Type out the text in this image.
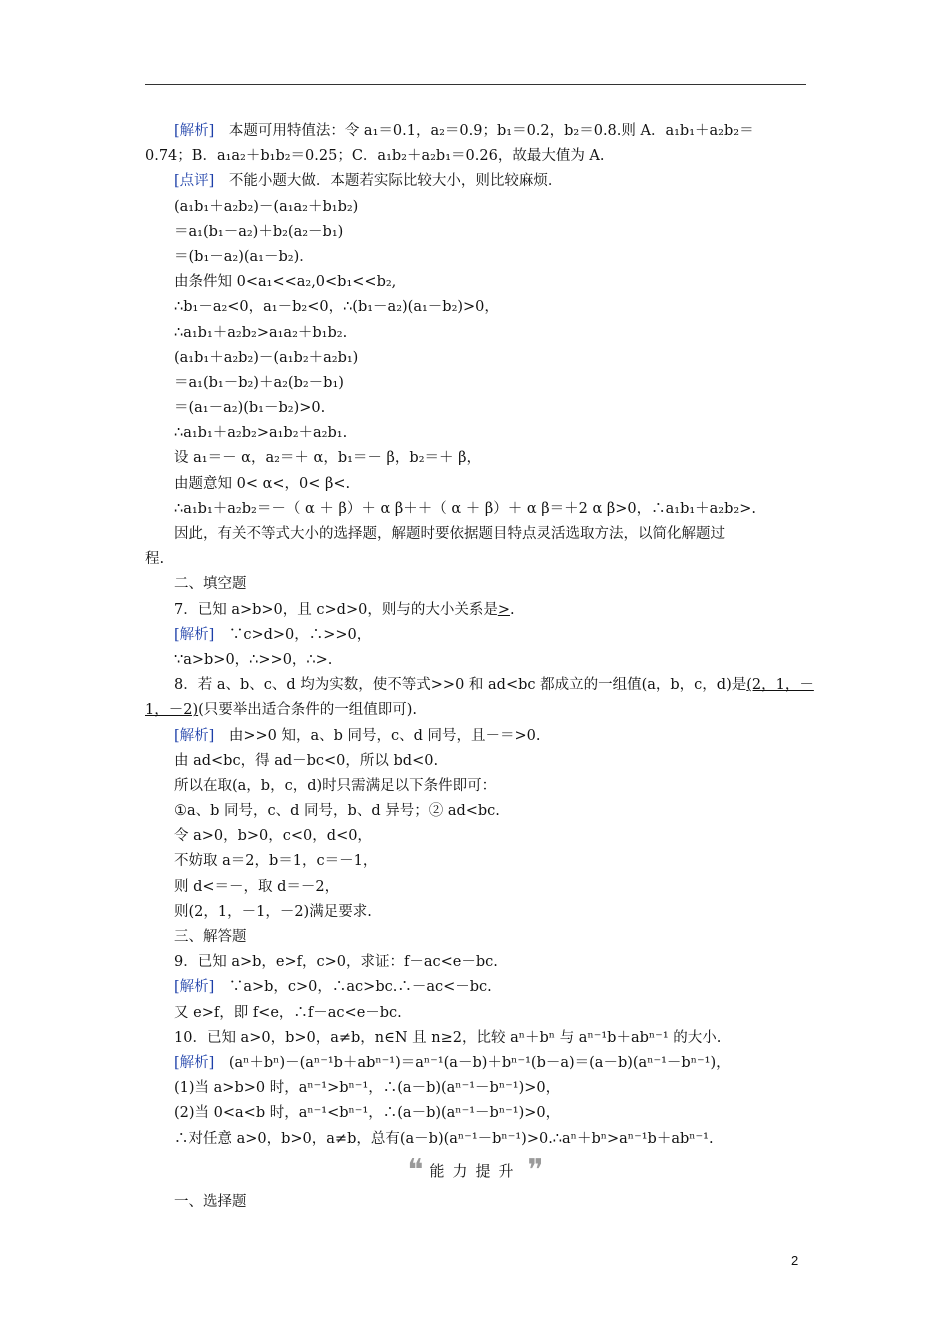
[解析]　本题可用特值法：令 a₁＝0.1，a₂＝0.9；b₁＝0.2，b₂＝0.8.则 A．a₁b₁＋a₂b₂＝
0.74；B．a₁a₂＋b₁b₂＝0.25；C．a₁b₂＋a₂b₁＝0.26，故最大值为 A.
[点评]　不能小题大做．本题若实际比较大小，则比较麻烦．
(a₁b₁＋a₂b₂)－(a₁a₂＋b₁b₂)
＝a₁(b₁－a₂)＋b₂(a₂－b₁)
＝(b₁－a₂)(a₁－b₂)．
由条件知 0<a₁<<a₂,0<b₁<<b₂,
∴b₁－a₂<0，a₁－b₂<0，∴(b₁－a₂)(a₁－b₂)>0，
∴a₁b₁＋a₂b₂>a₁a₂＋b₁b₂.
(a₁b₁＋a₂b₂)－(a₁b₂＋a₂b₁)
＝a₁(b₁－b₂)＋a₂(b₂－b₁)
＝(a₁－a₂)(b₁－b₂)>0.
∴a₁b₁＋a₂b₂>a₁b₂＋a₂b₁.
设 a₁＝－ α，a₂＝＋ α，b₁＝－ β，b₂＝＋ β，
由题意知 0< α<，0< β<.
∴a₁b₁＋a₂b₂＝－（ α ＋ β）＋ α β＋＋（ α ＋ β）＋ α β＝＋2 α β>0，∴a₁b₁＋a₂b₂>.
因此，有关不等式大小的选择题，解题时要依据题目特点灵活选取方法，以简化解题过
程.
二、填空题
7．已知 a>b>0，且 c>d>0，则与的大小关系是>.
[解析]　∵c>d>0，∴>>0，
∵a>b>0，∴>>0，∴>.
8．若 a、b、c、d 均为实数，使不等式>>0 和 ad<bc 都成立的一组值(a，b，c，d)是(2，1，－
1，－2)(只要举出适合条件的一组值即可).
[解析]　由>>0 知，a、b 同号，c、d 同号，且－＝>0.
由 ad<bc，得 ad－bc<0，所以 bd<0.
所以在取(a，b，c，d)时只需满足以下条件即可：
①a、b 同号，c、d 同号，b、d 异号；② ad<bc.
令 a>0，b>0，c<0，d<0，
不妨取 a＝2，b＝1，c＝－1，
则 d<＝－，取 d＝－2，
则(2，1，－1，－2)满足要求.
三、解答题
9．已知 a>b，e>f，c>0，求证：f－ac<e－bc.
[解析]　∵a>b，c>0，∴ac>bc.∴－ac<－bc.
又 e>f，即 f<e，∴f－ac<e－bc.
10．已知 a>0，b>0，a≠b，n∈N 且 n≥2，比较 aⁿ＋bⁿ 与 aⁿ⁻¹b＋abⁿ⁻¹ 的大小.
[解析]　(aⁿ＋bⁿ)－(aⁿ⁻¹b＋abⁿ⁻¹)＝aⁿ⁻¹(a－b)＋bⁿ⁻¹(b－a)＝(a－b)(aⁿ⁻¹－bⁿ⁻¹)，
(1)当 a>b>0 时，aⁿ⁻¹>bⁿ⁻¹，∴(a－b)(aⁿ⁻¹－bⁿ⁻¹)>0，
(2)当 0<a<b 时，aⁿ⁻¹<bⁿ⁻¹，∴(a－b)(aⁿ⁻¹－bⁿ⁻¹)>0，
∴对任意 a>0，b>0，a≠b，总有(a－b)(aⁿ⁻¹－bⁿ⁻¹)>0.∴aⁿ＋bⁿ>aⁿ⁻¹b＋abⁿ⁻¹.
❝ 能力提升 ❞
一、选择题
2
